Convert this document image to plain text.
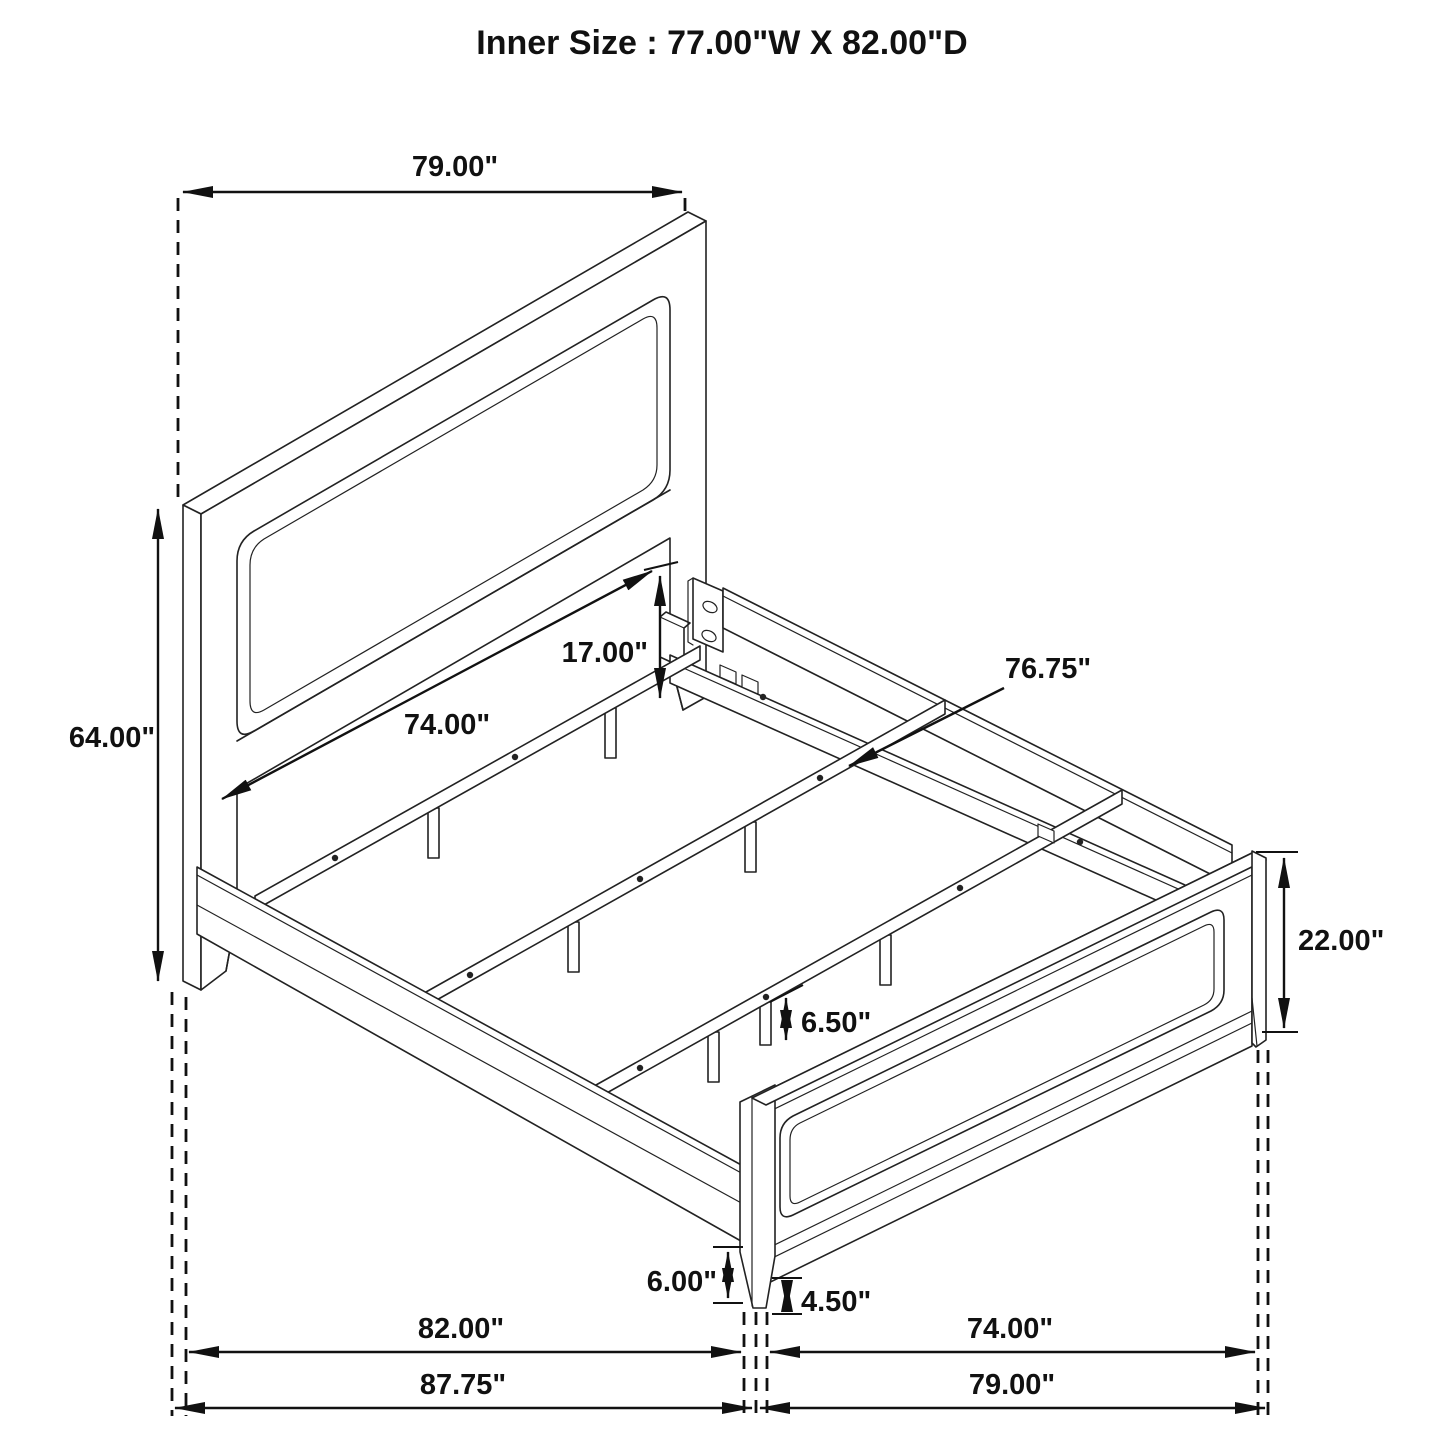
79.00"
64.00"
17.00"
74.00"
76.75"
22.00"
6.50"
6.00"
4.50"
82.00"	74.00"
87.75"	79.00"
Inner Size : 77.00"W X 82.00"D
